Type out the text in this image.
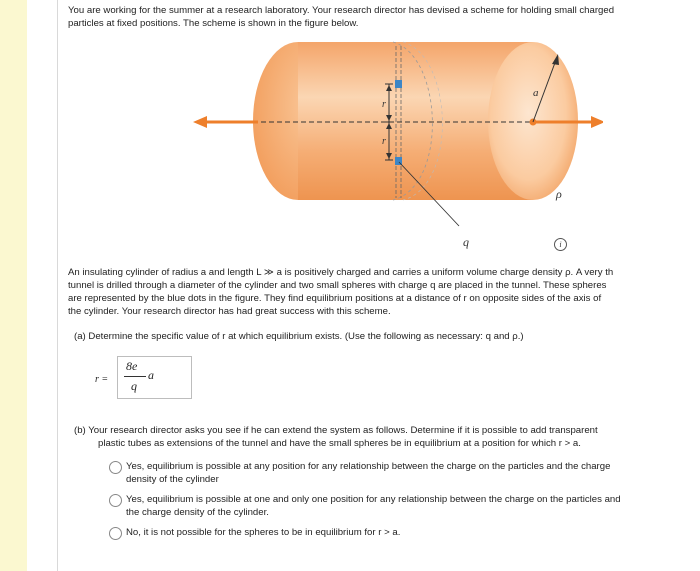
You are working for the summer at a research laboratory. Your research director has devised a scheme for holding small charged

particles at fixed positions. The scheme is shown in the figure below.

a
r
r
q
ρ
i

An insulating cylinder of radius a and length L ≫ a is positively charged and carries a uniform volume charge density ρ. A very th

tunnel is drilled through a diameter of the cylinder and two small spheres with charge q are placed in the tunnel. These spheres

are represented by the blue dots in the figure. They find equilibrium positions at a distance of r on opposite sides of the axis of

the cylinder. Your research director has had great success with this scheme.

(a) Determine the specific value of r at which equilibrium exists. (Use the following as necessary: q and ρ.)
r =
8e
q
a
(b) Your research director asks you see if he can extend the system as follows. Determine if it is possible to add transparent
plastic tubes as extensions of the tunnel and have the small spheres be in equilibrium at a position for which r > a.
Yes, equilibrium is possible at any position for any relationship between the charge on the particles and the charge
density of the cylinder
Yes, equilibrium is possible at one and only one position for any relationship between the charge on the particles and
the charge density of the cylinder.
No, it is not possible for the spheres to be in equilibrium for r > a.
